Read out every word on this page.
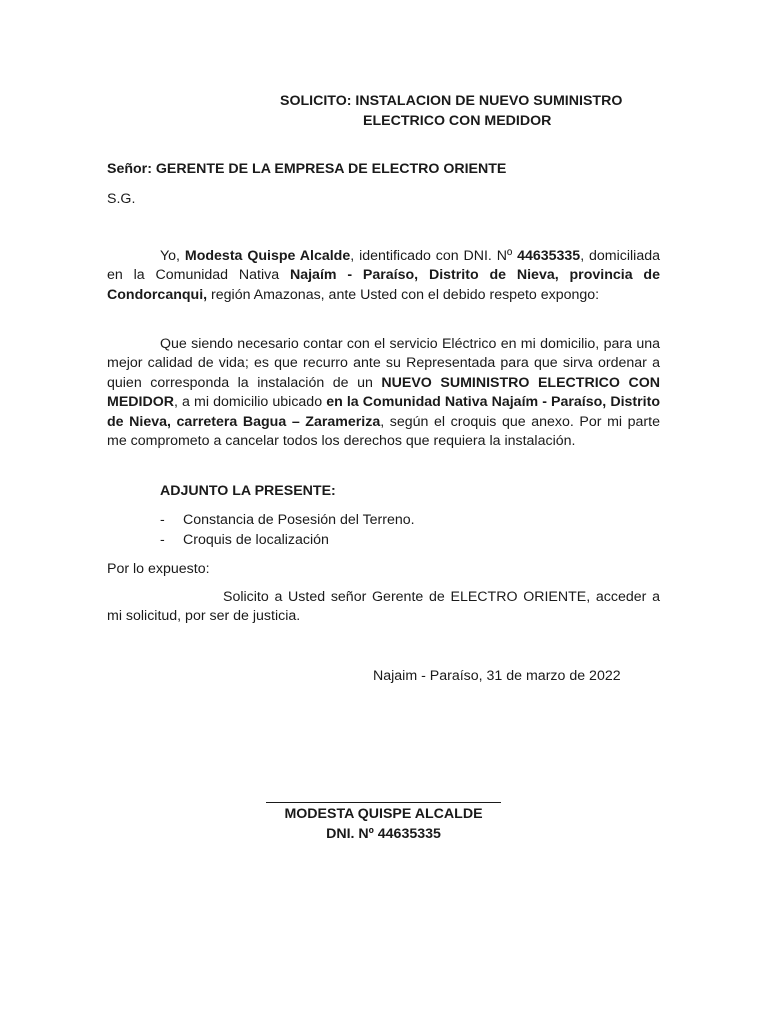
SOLICITO: INSTALACION DE NUEVO SUMINISTRO
ELECTRICO CON MEDIDOR
Señor: GERENTE DE LA EMPRESA DE ELECTRO ORIENTE
S.G.
Yo, Modesta Quispe Alcalde, identificado con DNI. Nº 44635335, domiciliada en la Comunidad Nativa Najaím - Paraíso, Distrito de Nieva, provincia de Condorcanqui, región Amazonas, ante Usted con el debido respeto expongo:
Que siendo necesario contar con el servicio Eléctrico en mi domicilio, para una mejor calidad de vida; es que recurro ante su Representada para que sirva ordenar a quien corresponda la instalación de un NUEVO SUMINISTRO ELECTRICO CON MEDIDOR, a mi domicilio ubicado en la Comunidad Nativa Najaím - Paraíso, Distrito de Nieva, carretera Bagua – Zarameriza, según el croquis que anexo. Por mi parte me comprometo a cancelar todos los derechos que requiera la instalación.
ADJUNTO LA PRESENTE:
-	Constancia de Posesión del Terreno.
-	Croquis de localización
Por lo expuesto:
Solicito a Usted señor Gerente de ELECTRO ORIENTE, acceder a mi solicitud, por ser de justicia.
Najaim - Paraíso, 31 de marzo de 2022
MODESTA QUISPE ALCALDE
DNI. Nº 44635335
